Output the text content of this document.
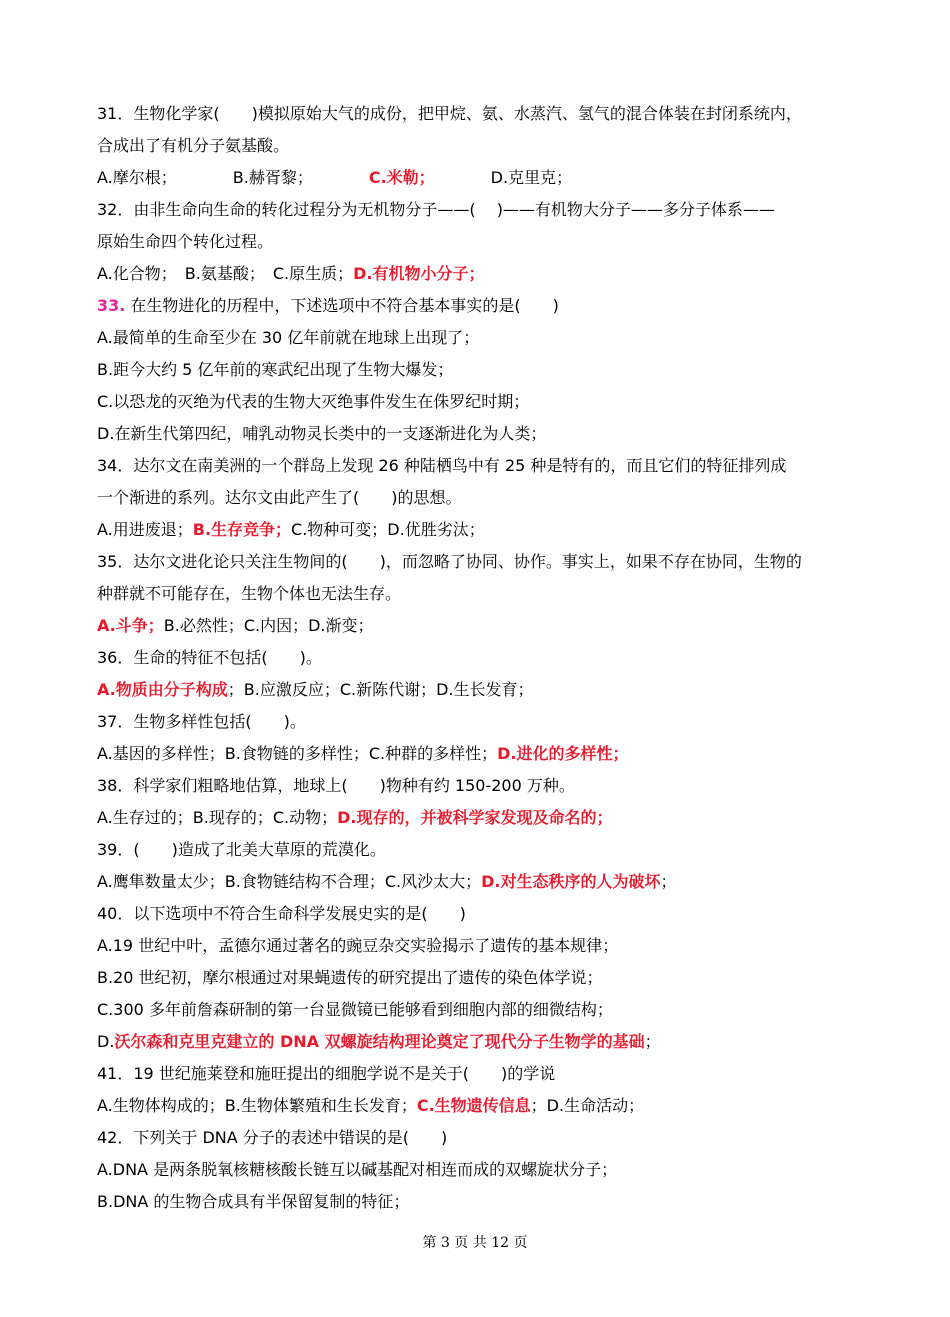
31．生物化学家(　　)模拟原始大气的成份，把甲烷、氨、水蒸汽、氢气的混合体装在封闭系统内，
合成出了有机分子氨基酸。
A.摩尔根；	B.赫胥黎；	C.米勒；	D.克里克；
32．由非生命向生命的转化过程分为无机物分子——(　 )——有机物大分子——多分子体系——
原始生命四个转化过程。
A.化合物；　B.氨基酸；　C.原生质；D.有机物小分子；
33. 在生物进化的历程中，下述选项中不符合基本事实的是(　　)
A.最简单的生命至少在 30 亿年前就在地球上出现了；
B.距今大约 5 亿年前的寒武纪出现了生物大爆发；
C.以恐龙的灭绝为代表的生物大灭绝事件发生在侏罗纪时期；
D.在新生代第四纪，哺乳动物灵长类中的一支逐渐进化为人类；
34．达尔文在南美洲的一个群岛上发现 26 种陆栖鸟中有 25 种是特有的，而且它们的特征排列成
一个渐进的系列。达尔文由此产生了(　　)的思想。
A.用进废退；B.生存竞争；C.物种可变；D.优胜劣汰；
35．达尔文进化论只关注生物间的(　　)，而忽略了协同、协作。事实上，如果不存在协同，生物的
种群就不可能存在，生物个体也无法生存。
A.斗争；B.必然性；C.内因；D.渐变；
36．生命的特征不包括(　　)。
A.物质由分子构成；B.应激反应；C.新陈代谢；D.生长发育；
37．生物多样性包括(　　)。
A.基因的多样性；B.食物链的多样性；C.种群的多样性；D.进化的多样性；
38．科学家们粗略地估算，地球上(　　)物种有约 150-200 万种。
A.生存过的；B.现存的；C.动物；D.现存的，并被科学家发现及命名的；
39．(　　)造成了北美大草原的荒漠化。
A.鹰隼数量太少；B.食物链结构不合理；C.风沙太大；D.对生态秩序的人为破坏；
40．以下选项中不符合生命科学发展史实的是(　　)
A.19 世纪中叶，孟德尔通过著名的豌豆杂交实验揭示了遗传的基本规律；
B.20 世纪初，摩尔根通过对果蝇遗传的研究提出了遗传的染色体学说；
C.300 多年前詹森研制的第一台显微镜已能够看到细胞内部的细微结构；
D.沃尔森和克里克建立的 DNA 双螺旋结构理论奠定了现代分子生物学的基础；
41．19 世纪施莱登和施旺提出的细胞学说不是关于(　　)的学说
A.生物体构成的；B.生物体繁殖和生长发育；C.生物遗传信息；D.生命活动；
42．下列关于 DNA 分子的表述中错误的是(　　)
A.DNA 是两条脱氧核糖核酸长链互以碱基配对相连而成的双螺旋状分子；
B.DNA 的生物合成具有半保留复制的特征；
第 3 页 共 12 页
